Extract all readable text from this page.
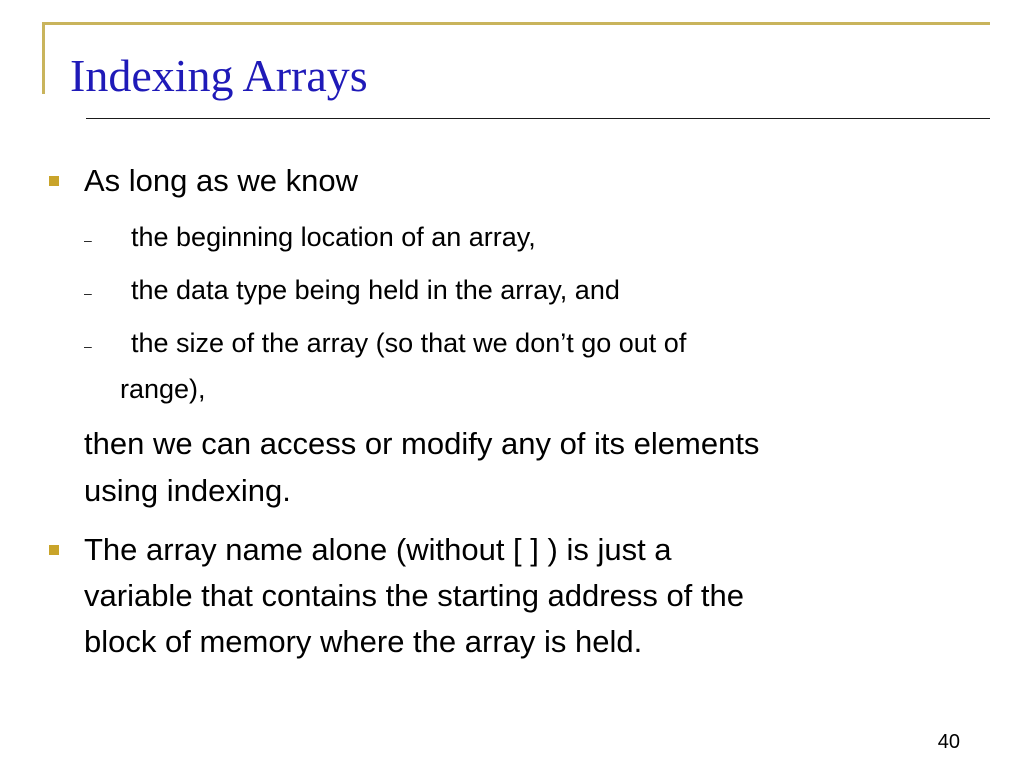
Indexing Arrays
As long as we know
– the beginning location of an array,
– the data type being held in the array, and
– the size of the array (so that we don’t go out of
range),
then we can access or modify any of its elements
using indexing.
The array name alone (without [ ] ) is just a
variable that contains the starting address of the
block of memory where the array is held.
40
